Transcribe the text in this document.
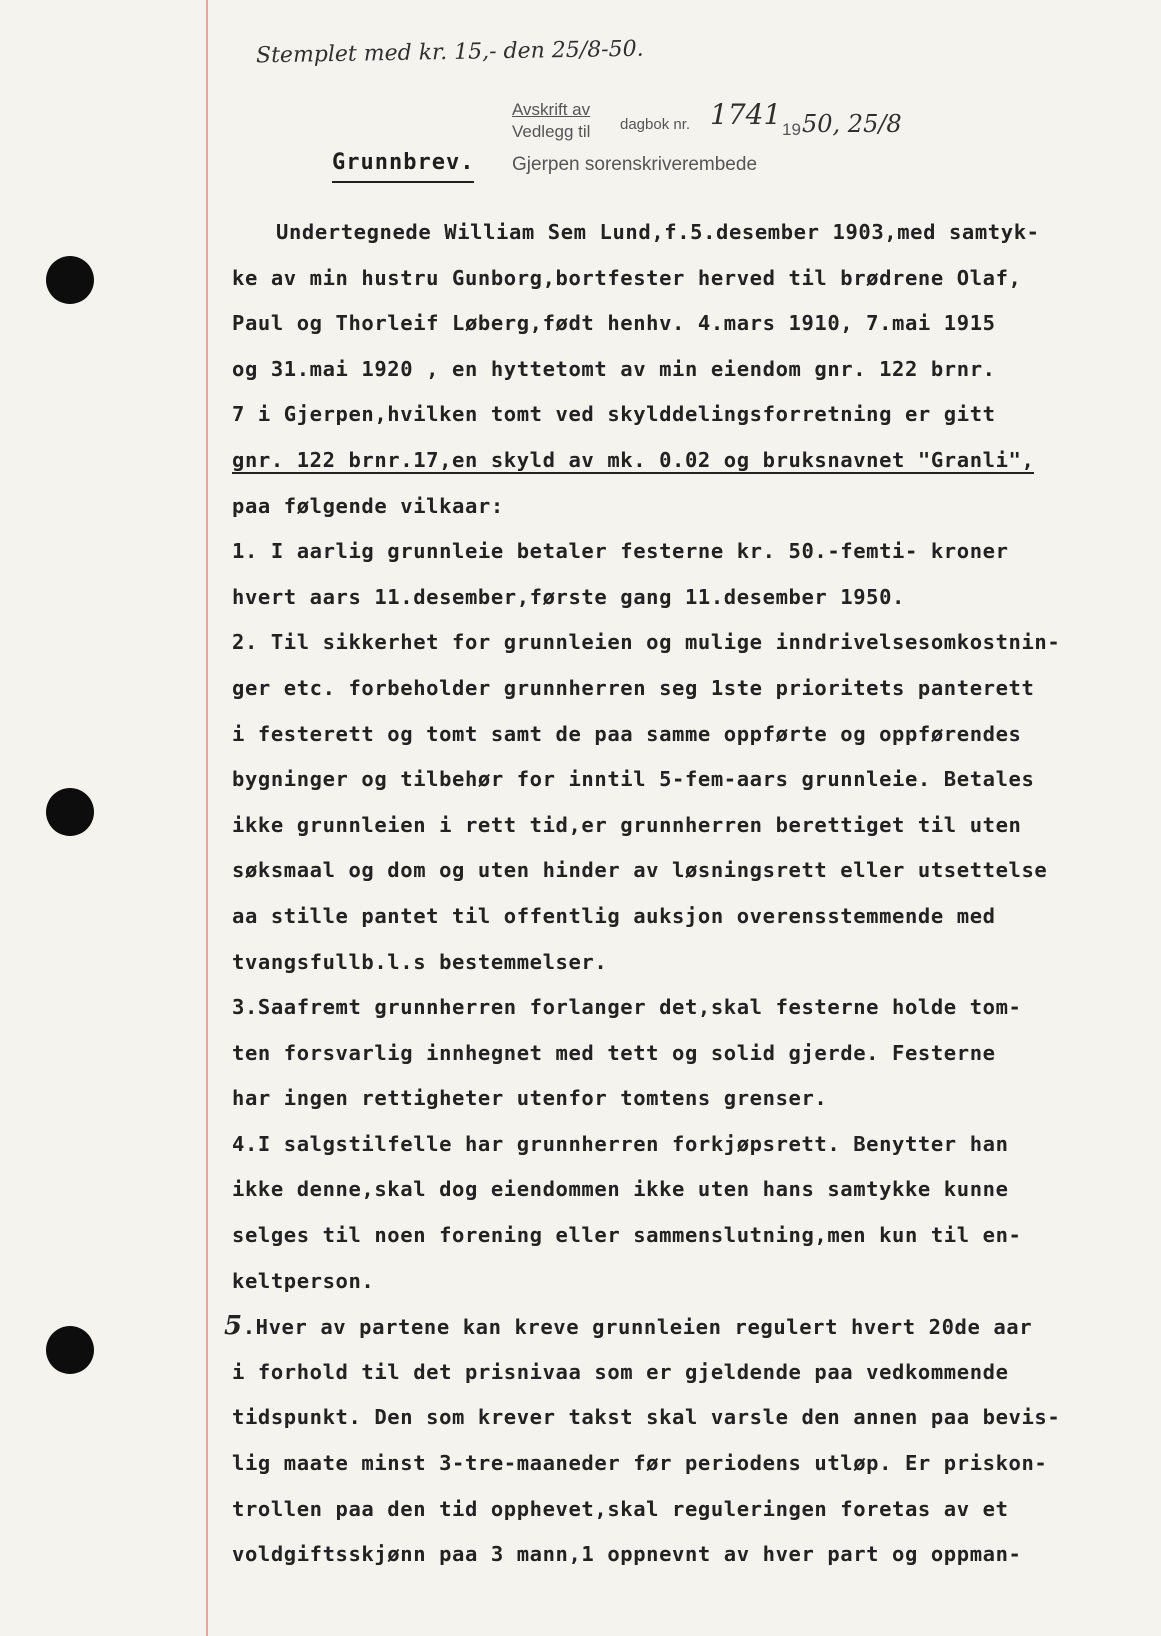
Stemplet med kr. 15,- den 25/8-50.
Avskrift av
Vedlegg til dagbok nr. 1741 19 50, 25/8
Gjerpen sorenskriverembede
Grunnbrev.
Undertegnede William Sem Lund,f.5.desember 1903,med samtyk-
ke av min hustru Gunborg,bortfester herved til brødrene Olaf,
Paul og Thorleif Løberg,født henhv. 4.mars 1910, 7.mai 1915
og 31.mai 1920 , en hyttetomt av min eiendom gnr. 122 brnr.
7 i Gjerpen,hvilken tomt ved skylddelingsforretning er gitt
gnr. 122 brnr.17,en skyld av mk. 0.02 og bruksnavnet "Granli",
paa følgende vilkaar:
1. I aarlig grunnleie betaler festerne kr. 50.-femti- kroner
hvert aars 11.desember,første gang 11.desember 1950.
2. Til sikkerhet for grunnleien og mulige inndrivelsesomkostnin-
ger etc. forbeholder grunnherren seg 1ste prioritets panterett
i festerett og tomt samt de paa samme oppførte og oppførendes
bygninger og tilbehør for inntil 5-fem-aars grunnleie. Betales
ikke grunnleien i rett tid,er grunnherren berettiget til uten
søksmaal og dom og uten hinder av løsningsrett eller utsettelse
aa stille pantet til offentlig auksjon overensstemmende med
tvangsfullb.l.s bestemmelser.
3.Saafremt grunnherren forlanger det,skal festerne holde tom-
ten forsvarlig innhegnet med tett og solid gjerde. Festerne
har ingen rettigheter utenfor tomtens grenser.
4.I salgstilfelle har grunnherren forkjøpsrett. Benytter han
ikke denne,skal dog eiendommen ikke uten hans samtykke kunne
selges til noen forening eller sammenslutning,men kun til en-
keltperson.
5.Hver av partene kan kreve grunnleien regulert hvert 20de aar
i forhold til det prisnivaa som er gjeldende paa vedkommende
tidspunkt. Den som krever takst skal varsle den annen paa bevis-
lig maate minst 3-tre-maaneder før periodens utløp. Er priskon-
trollen paa den tid opphevet,skal reguleringen foretas av et
voldgiftsskjønn paa 3 mann,1 oppnevnt av hver part og oppman-
